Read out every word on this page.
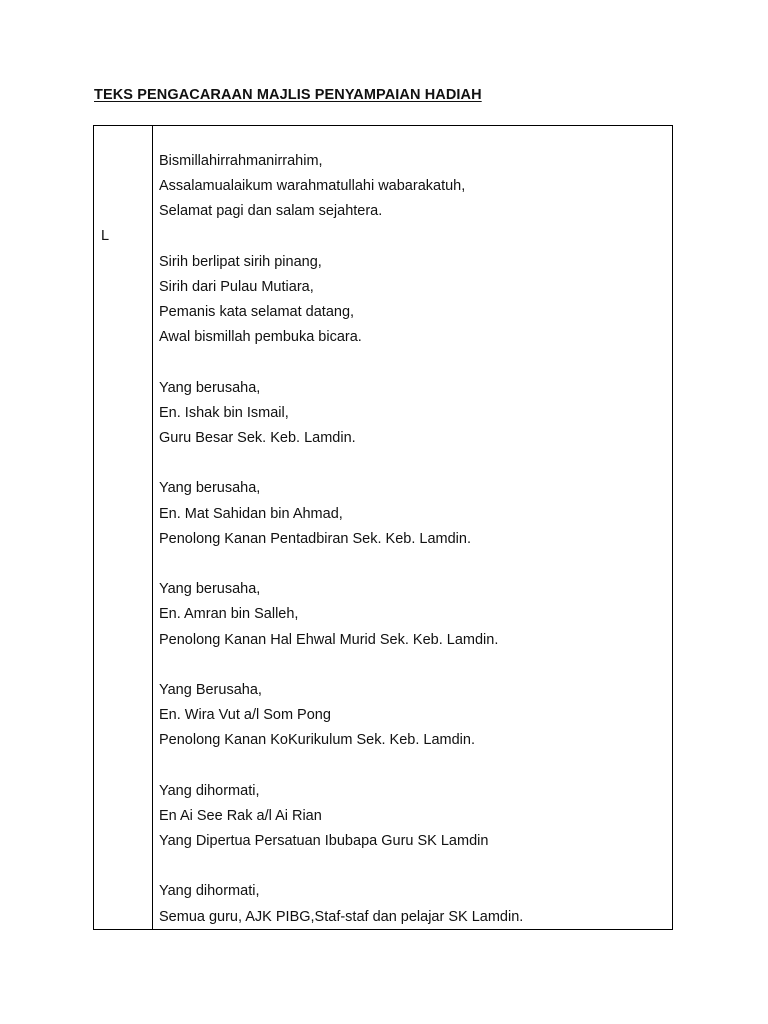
TEKS PENGACARAAN MAJLIS PENYAMPAIAN HADIAH
L
Bismillahirrahmanirrahim,
Assalamualaikum warahmatullahi wabarakatuh,
Selamat pagi dan salam sejahtera.
Sirih berlipat sirih pinang,
Sirih dari Pulau Mutiara,
Pemanis kata selamat datang,
Awal bismillah pembuka bicara.
Yang berusaha,
En. Ishak bin Ismail,
Guru Besar Sek. Keb. Lamdin.
Yang berusaha,
En. Mat Sahidan bin Ahmad,
Penolong Kanan Pentadbiran Sek. Keb. Lamdin.
Yang berusaha,
En. Amran bin Salleh,
Penolong Kanan Hal Ehwal Murid Sek. Keb. Lamdin.
Yang Berusaha,
En. Wira Vut a/l Som Pong
Penolong Kanan KoKurikulum Sek. Keb. Lamdin.
Yang dihormati,
En Ai See Rak a/l Ai Rian
Yang Dipertua Persatuan Ibubapa Guru SK Lamdin
Yang dihormati,
Semua guru, AJK PIBG,Staf-staf dan pelajar SK Lamdin.
